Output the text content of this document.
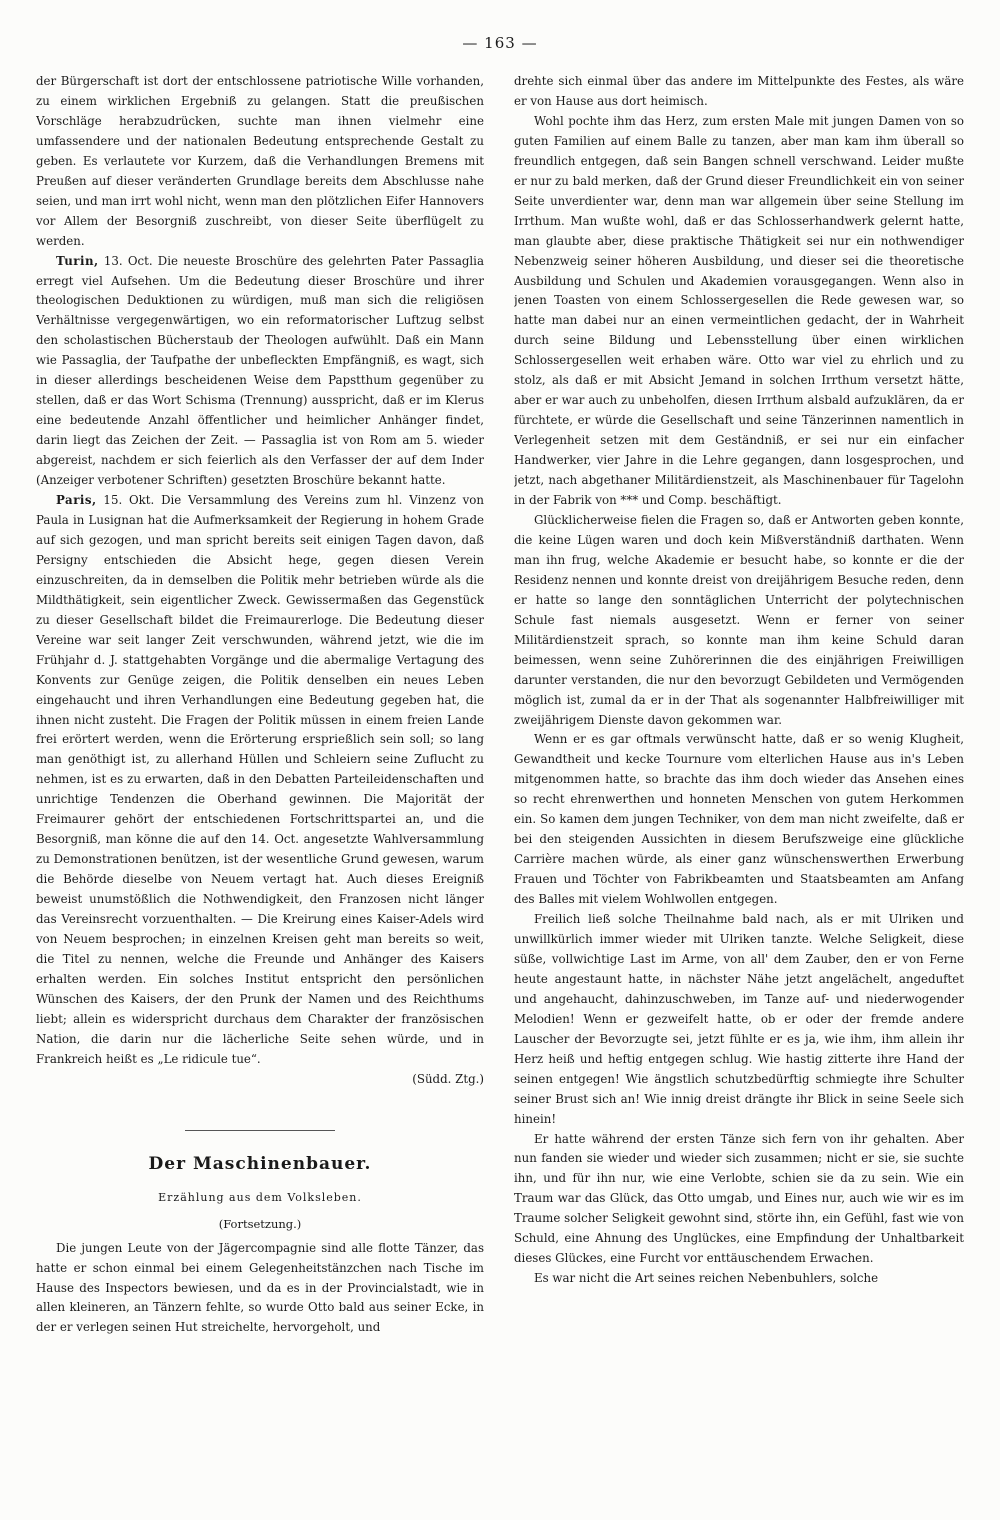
— 163 —

der Bürgerschaft ist dort der entschlossene patriotische Wille vorhanden, zu einem wirklichen Ergebniß zu gelangen. Statt die preußischen Vorschläge herabzudrücken, suchte man ihnen vielmehr eine umfassendere und der nationalen Bedeutung entsprechende Gestalt zu geben. Es verlautete vor Kurzem, daß die Verhandlungen Bremens mit Preußen auf dieser veränderten Grundlage bereits dem Abschlusse nahe seien, und man irrt wohl nicht, wenn man den plötzlichen Eifer Hannovers vor Allem der Besorgniß zuschreibt, von dieser Seite überflügelt zu werden.

Turin, 13. Oct. Die neueste Broschüre des gelehrten Pater Passaglia erregt viel Aufsehen. Um die Bedeutung dieser Broschüre und ihrer theologischen Deduktionen zu würdigen, muß man sich die religiösen Verhältnisse vergegenwärtigen, wo ein reformatorischer Luftzug selbst den scholastischen Bücherstaub der Theologen aufwühlt. Daß ein Mann wie Passaglia, der Taufpathe der unbefleckten Empfängniß, es wagt, sich in dieser allerdings bescheidenen Weise dem Papstthum gegenüber zu stellen, daß er das Wort Schisma (Trennung) ausspricht, daß er im Klerus eine bedeutende Anzahl öffentlicher und heimlicher Anhänger findet, darin liegt das Zeichen der Zeit. — Passaglia ist von Rom am 5. wieder abgereist, nachdem er sich feierlich als den Verfasser der auf dem Inder (Anzeiger verbotener Schriften) gesetzten Broschüre bekannt hatte.

Paris, 15. Okt. Die Versammlung des Vereins zum hl. Vinzenz von Paula in Lusignan hat die Aufmerksamkeit der Regierung in hohem Grade auf sich gezogen, und man spricht bereits seit einigen Tagen davon, daß Persigny entschieden die Absicht hege, gegen diesen Verein einzuschreiten, da in demselben die Politik mehr betrieben würde als die Mildthätigkeit, sein eigentlicher Zweck. Gewissermaßen das Gegenstück zu dieser Gesellschaft bildet die Freimaurerloge. Die Bedeutung dieser Vereine war seit langer Zeit verschwunden, während jetzt, wie die im Frühjahr d. J. stattgehabten Vorgänge und die abermalige Vertagung des Konvents zur Genüge zeigen, die Politik denselben ein neues Leben eingehaucht und ihren Verhandlungen eine Bedeutung gegeben hat, die ihnen nicht zusteht. Die Fragen der Politik müssen in einem freien Lande frei erörtert werden, wenn die Erörterung ersprießlich sein soll; so lang man genöthigt ist, zu allerhand Hüllen und Schleiern seine Zuflucht zu nehmen, ist es zu erwarten, daß in den Debatten Parteileidenschaften und unrichtige Tendenzen die Oberhand gewinnen. Die Majorität der Freimaurer gehört der entschiedenen Fortschrittspartei an, und die Besorgniß, man könne die auf den 14. Oct. angesetzte Wahlversammlung zu Demonstrationen benützen, ist der wesentliche Grund gewesen, warum die Behörde dieselbe von Neuem vertagt hat. Auch dieses Ereigniß beweist unumstößlich die Nothwendigkeit, den Franzosen nicht länger das Vereinsrecht vorzuenthalten. — Die Kreirung eines Kaiser-Adels wird von Neuem besprochen; in einzelnen Kreisen geht man bereits so weit, die Titel zu nennen, welche die Freunde und Anhänger des Kaisers erhalten werden. Ein solches Institut entspricht den persönlichen Wünschen des Kaisers, der den Prunk der Namen und des Reichthums liebt; allein es widerspricht durchaus dem Charakter der französischen Nation, die darin nur die lächerliche Seite sehen würde, und in Frankreich heißt es „Le ridicule tue“.

(Südd. Ztg.)
Der Maschinenbauer.
Erzählung aus dem Volksleben.
(Fortsetzung.)

Die jungen Leute von der Jägercompagnie sind alle flotte Tänzer, das hatte er schon einmal bei einem Gelegenheitstänzchen nach Tische im Hause des Inspectors bewiesen, und da es in der Provincialstadt, wie in allen kleineren, an Tänzern fehlte, so wurde Otto bald aus seiner Ecke, in der er verlegen seinen Hut streichelte, hervorgeholt, und

drehte sich einmal über das andere im Mittelpunkte des Festes, als wäre er von Hause aus dort heimisch.

Wohl pochte ihm das Herz, zum ersten Male mit jungen Damen von so guten Familien auf einem Balle zu tanzen, aber man kam ihm überall so freundlich entgegen, daß sein Bangen schnell verschwand. Leider mußte er nur zu bald merken, daß der Grund dieser Freundlichkeit ein von seiner Seite unverdienter war, denn man war allgemein über seine Stellung im Irrthum. Man wußte wohl, daß er das Schlosserhandwerk gelernt hatte, man glaubte aber, diese praktische Thätigkeit sei nur ein nothwendiger Nebenzweig seiner höheren Ausbildung, und dieser sei die theoretische Ausbildung und Schulen und Akademien vorausgegangen. Wenn also in jenen Toasten von einem Schlossergesellen die Rede gewesen war, so hatte man dabei nur an einen vermeintlichen gedacht, der in Wahrheit durch seine Bildung und Lebensstellung über einen wirklichen Schlossergesellen weit erhaben wäre. Otto war viel zu ehrlich und zu stolz, als daß er mit Absicht Jemand in solchen Irrthum versetzt hätte, aber er war auch zu unbeholfen, diesen Irrthum alsbald aufzuklären, da er fürchtete, er würde die Gesellschaft und seine Tänzerinnen namentlich in Verlegenheit setzen mit dem Geständniß, er sei nur ein einfacher Handwerker, vier Jahre in die Lehre gegangen, dann losgesprochen, und jetzt, nach abgethaner Militärdienstzeit, als Maschinenbauer für Tagelohn in der Fabrik von *** und Comp. beschäftigt.

Glücklicherweise fielen die Fragen so, daß er Antworten geben konnte, die keine Lügen waren und doch kein Mißverständniß darthaten. Wenn man ihn frug, welche Akademie er besucht habe, so konnte er die der Residenz nennen und konnte dreist von dreijährigem Besuche reden, denn er hatte so lange den sonntäglichen Unterricht der polytechnischen Schule fast niemals ausgesetzt. Wenn er ferner von seiner Militärdienstzeit sprach, so konnte man ihm keine Schuld daran beimessen, wenn seine Zuhörerinnen die des einjährigen Freiwilligen darunter verstanden, die nur den bevorzugt Gebildeten und Vermögenden möglich ist, zumal da er in der That als sogenannter Halbfreiwilliger mit zweijährigem Dienste davon gekommen war.

Wenn er es gar oftmals verwünscht hatte, daß er so wenig Klugheit, Gewandtheit und kecke Tournure vom elterlichen Hause aus in's Leben mitgenommen hatte, so brachte das ihm doch wieder das Ansehen eines so recht ehrenwerthen und honneten Menschen von gutem Herkommen ein. So kamen dem jungen Techniker, von dem man nicht zweifelte, daß er bei den steigenden Aussichten in diesem Berufszweige eine glückliche Carrière machen würde, als einer ganz wünschenswerthen Erwerbung Frauen und Töchter von Fabrikbeamten und Staatsbeamten am Anfang des Balles mit vielem Wohlwollen entgegen.

Freilich ließ solche Theilnahme bald nach, als er mit Ulriken und unwillkürlich immer wieder mit Ulriken tanzte. Welche Seligkeit, diese süße, vollwichtige Last im Arme, von all' dem Zauber, den er von Ferne heute angestaunt hatte, in nächster Nähe jetzt angelächelt, angeduftet und angehaucht, dahinzuschweben, im Tanze auf- und niederwogender Melodien! Wenn er gezweifelt hatte, ob er oder der fremde andere Lauscher der Bevorzugte sei, jetzt fühlte er es ja, wie ihm, ihm allein ihr Herz heiß und heftig entgegen schlug. Wie hastig zitterte ihre Hand der seinen entgegen! Wie ängstlich schutzbedürftig schmiegte ihre Schulter seiner Brust sich an! Wie innig dreist drängte ihr Blick in seine Seele sich hinein!

Er hatte während der ersten Tänze sich fern von ihr gehalten. Aber nun fanden sie wieder und wieder sich zusammen; nicht er sie, sie suchte ihn, und für ihn nur, wie eine Verlobte, schien sie da zu sein. Wie ein Traum war das Glück, das Otto umgab, und Eines nur, auch wie wir es im Traume solcher Seligkeit gewohnt sind, störte ihn, ein Gefühl, fast wie von Schuld, eine Ahnung des Unglückes, eine Empfindung der Unhaltbarkeit dieses Glückes, eine Furcht vor enttäuschendem Erwachen.

Es war nicht die Art seines reichen Nebenbuhlers, solche
